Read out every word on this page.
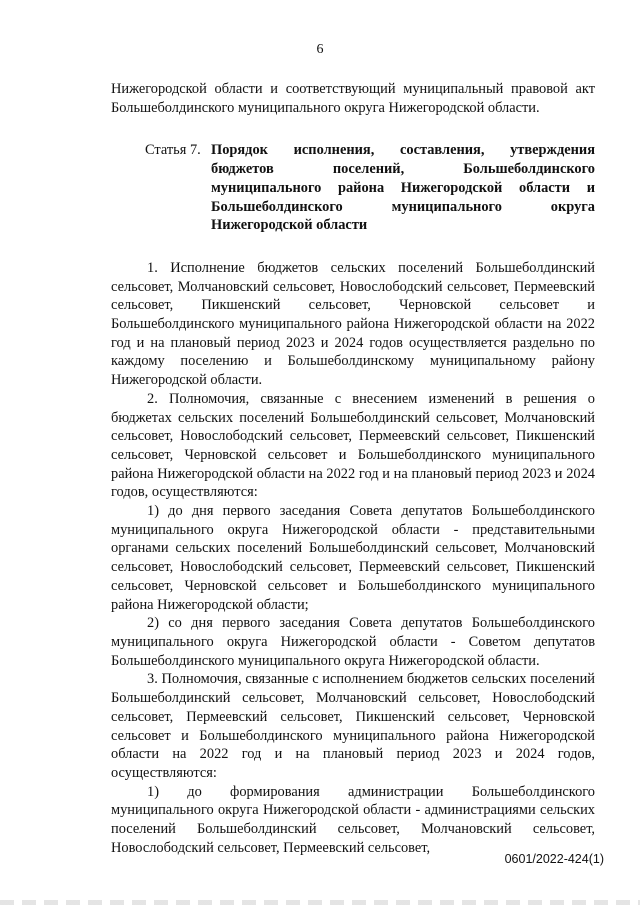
6

Нижегородской области и соответствующий муниципальный правовой акт Большеболдинского муниципального округа Нижегородской области.

Статья 7. Порядок исполнения, составления, утверждения бюджетов поселений, Большеболдинского муниципального района Нижегородской области и Большеболдинского муниципального округа Нижегородской области

1. Исполнение бюджетов сельских поселений Большеболдинский сельсовет, Молчановский сельсовет, Новослободский сельсовет, Пермеевский сельсовет, Пикшенский сельсовет, Черновской сельсовет и Большеболдинского муниципального района Нижегородской области на 2022 год и на плановый период 2023 и 2024 годов осуществляется раздельно по каждому поселению и Большеболдинскому муниципальному району Нижегородской области.

2. Полномочия, связанные с внесением изменений в решения о бюджетах сельских поселений Большеболдинский сельсовет, Молчановский сельсовет, Новослободский сельсовет, Пермеевский сельсовет, Пикшенский сельсовет, Черновской сельсовет и Большеболдинского муниципального района Нижегородской области на 2022 год и на плановый период 2023 и 2024 годов, осуществляются:

1) до дня первого заседания Совета депутатов Большеболдинского муниципального округа Нижегородской области - представительными органами сельских поселений Большеболдинский сельсовет, Молчановский сельсовет, Новослободский сельсовет, Пермеевский сельсовет, Пикшенский сельсовет, Черновской сельсовет и Большеболдинского муниципального района Нижегородской области;

2) со дня первого заседания Совета депутатов Большеболдинского муниципального округа Нижегородской области - Советом депутатов Большеболдинского муниципального округа Нижегородской области.

3. Полномочия, связанные с исполнением бюджетов сельских поселений Большеболдинский сельсовет, Молчановский сельсовет, Новослободский сельсовет, Пермеевский сельсовет, Пикшенский сельсовет, Черновской сельсовет и Большеболдинского муниципального района Нижегородской области на 2022 год и на плановый период 2023 и 2024 годов, осуществляются:

1) до формирования администрации Большеболдинского муниципального округа Нижегородской области - администрациями сельских поселений Большеболдинский сельсовет, Молчановский сельсовет, Новослободский сельсовет, Пермеевский сельсовет,

0601/2022-424(1)
